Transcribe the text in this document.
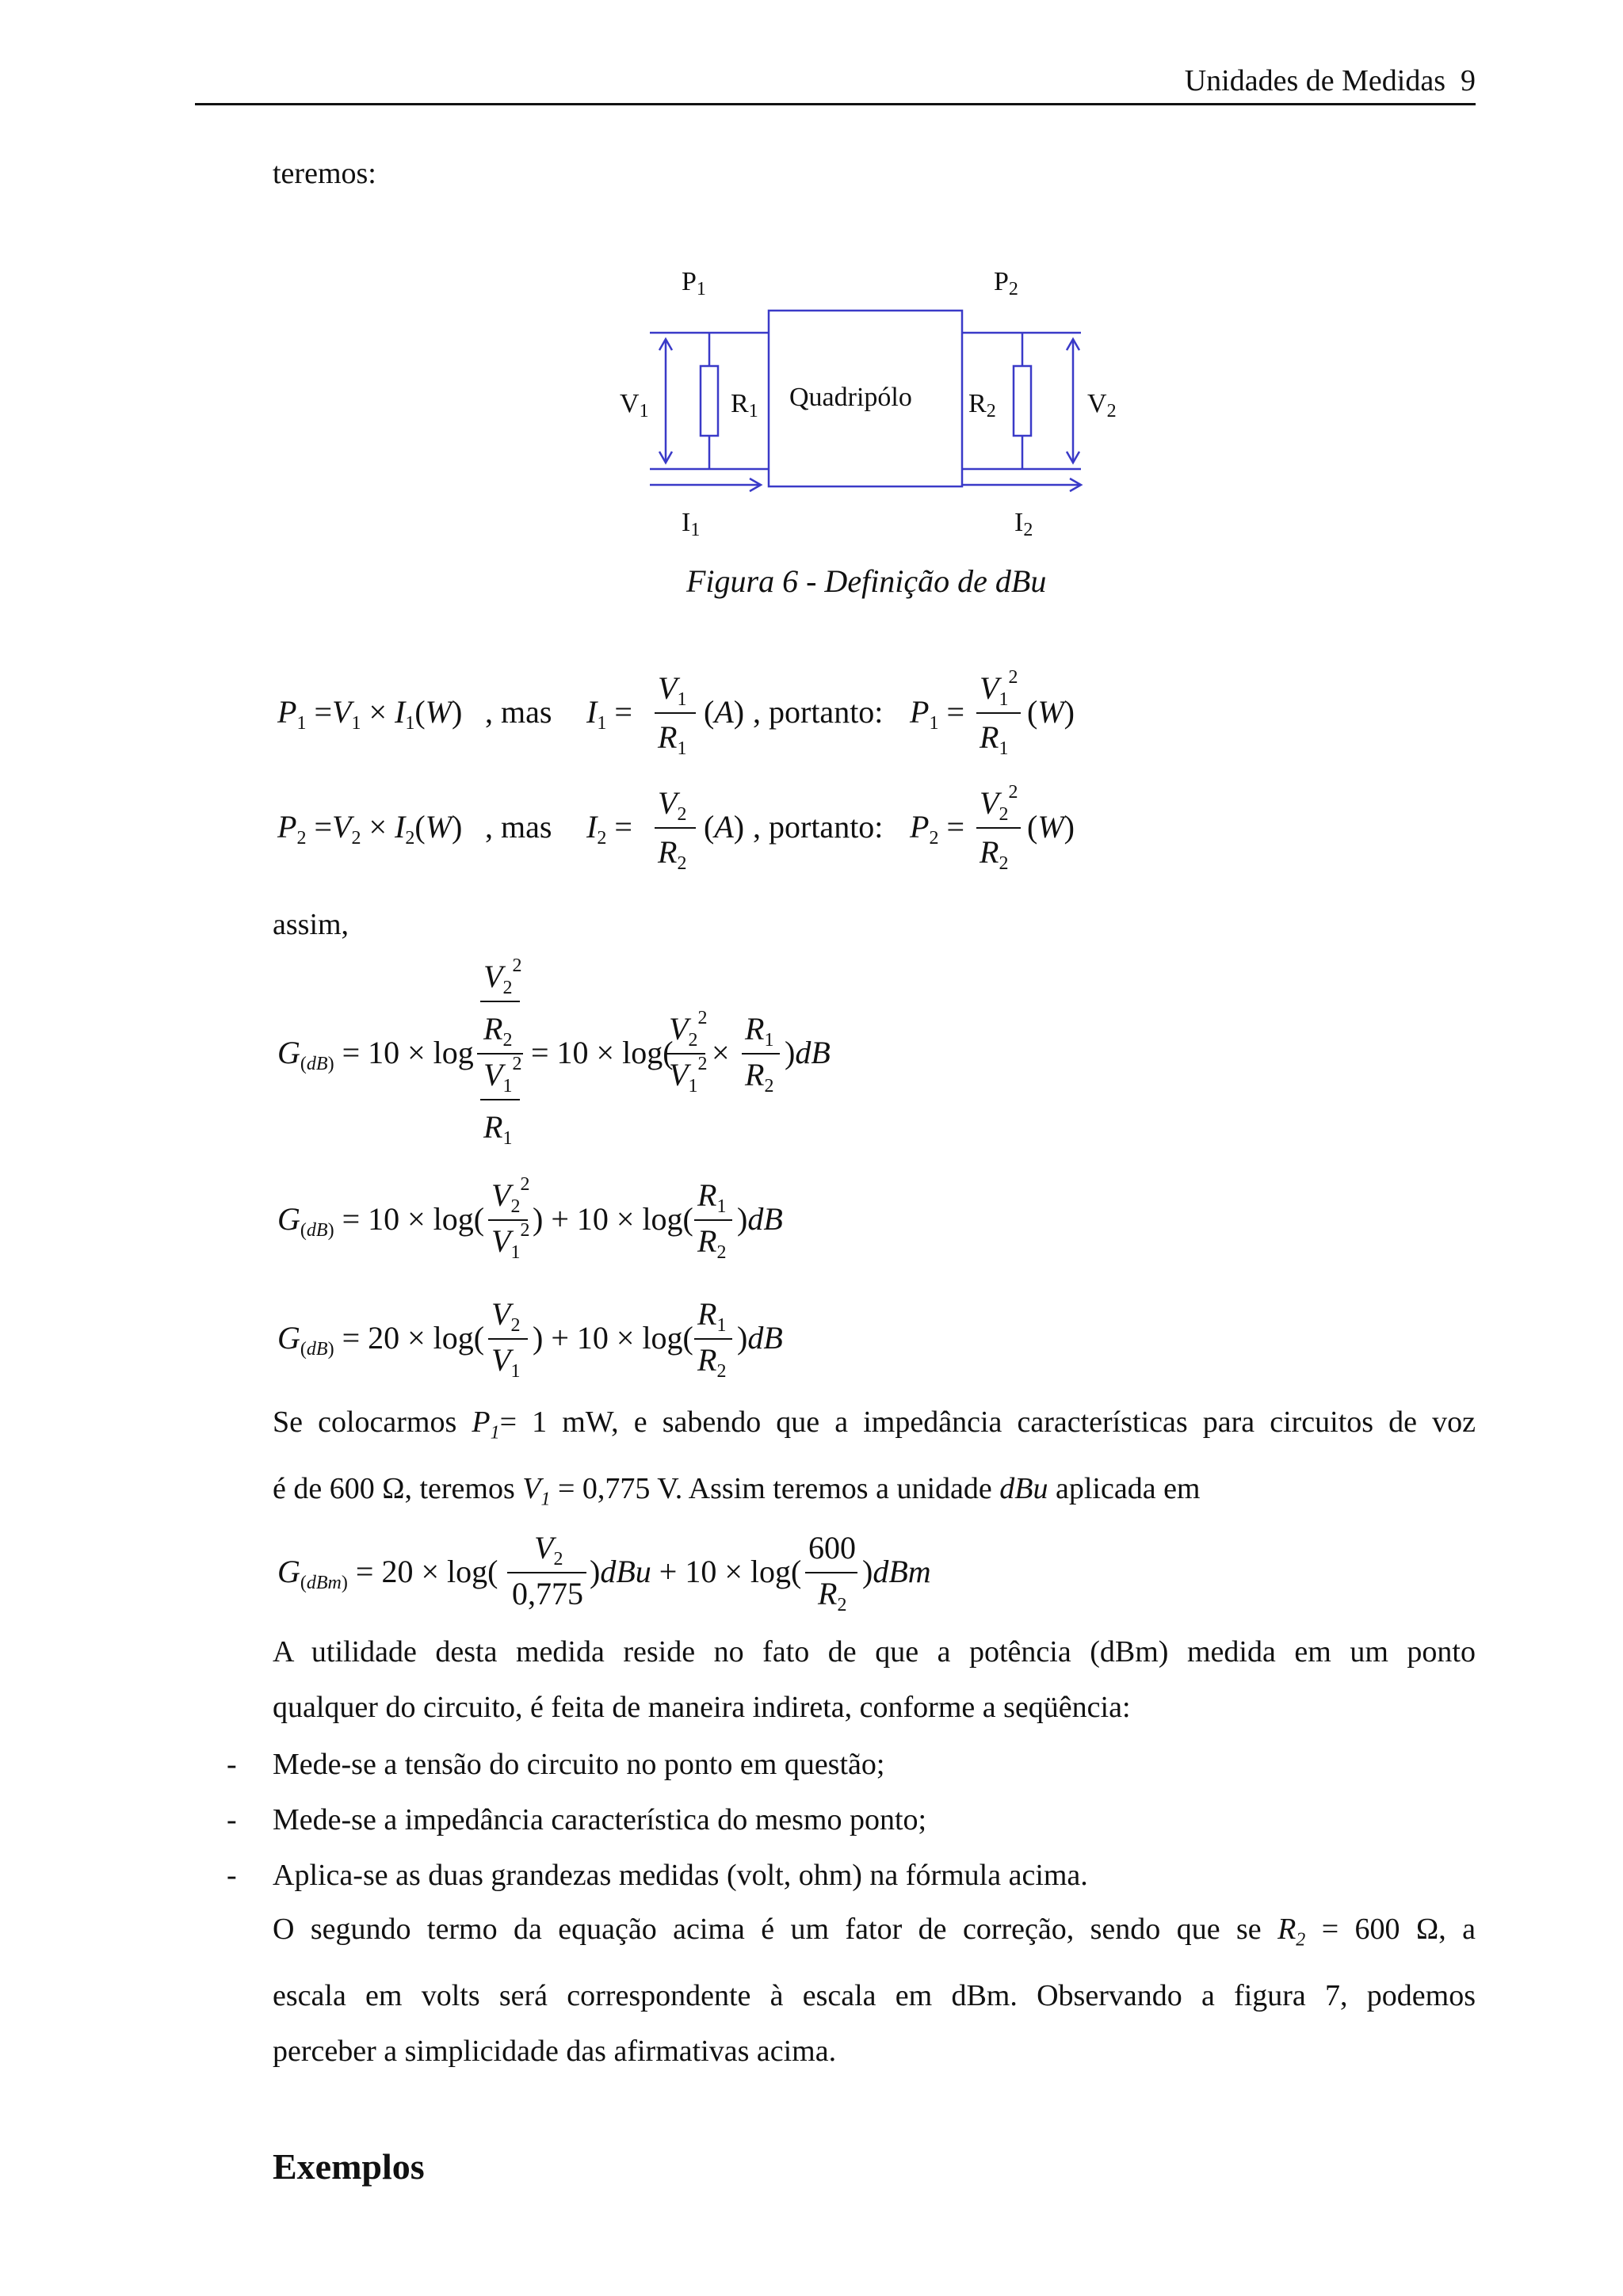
Unidades de Medidas 9
teremos:
P1	P2
V1	R1 Quadripólo R2	V2
I1	I2
Figura 6 - Definição de dBu
$P_1 =V_1 \times I_1(W)$ , mas $I_1$ =
$V_1$
$R_1$
(A) , portanto: $P_1$ =
$V_1^2$
$R_1$
(W)
$P_2 =V_2 \times I_2(W)$ , mas $I_2$ =
$V_2$
$R_2$
(A) , portanto: $P_2$ =
$V_2^2$
$R_2$
(W)
assim,
$G_(dB) = 10 \times \log$
$V_2^2$
$R_2$
$V_1^2$
$R_1$
= 10 × log(
$V_2^2$
$V_1^2$ ×
$R_1$
$R_2$
)dB
$G_(dB) = 10 \times \log$(
$V_2^2$
$V_1^2$ ) + 10 × log(
$R_1$
$R_2$
)dB
$G_(dB) = 20 \times \log$(
$V_2$
$V_1$
) + 10 × log(
$R_1$
$R_2$
)dB
Se colocarmos $P_1= 1$ mW, e sabendo que a impedância características para circuitos de voz
é de 600 Ω, teremos $V_1 = 0,775$ V. Assim teremos a unidade dBu aplicada em
$G_(dBm) = 20 \times \log$(
$V_2$
0,775
)dBu + 10 × log(
600
$R_2$
)dBm
A utilidade desta medida reside no fato de que a potência (dBm) medida em um ponto
qualquer do circuito, é feita de maneira indireta, conforme a seqüência:
- Mede-se a tensão do circuito no ponto em questão;
- Mede-se a impedância característica do mesmo ponto;
- Aplica-se as duas grandezas medidas (volt, ohm) na fórmula acima.
O segundo termo da equação acima é um fator de correção, sendo que se $R_2 = 600$ Ω, a
escala em volts será correspondente à escala em dBm. Observando a figura 7, podemos
perceber a simplicidade das afirmativas acima.
Exemplos
